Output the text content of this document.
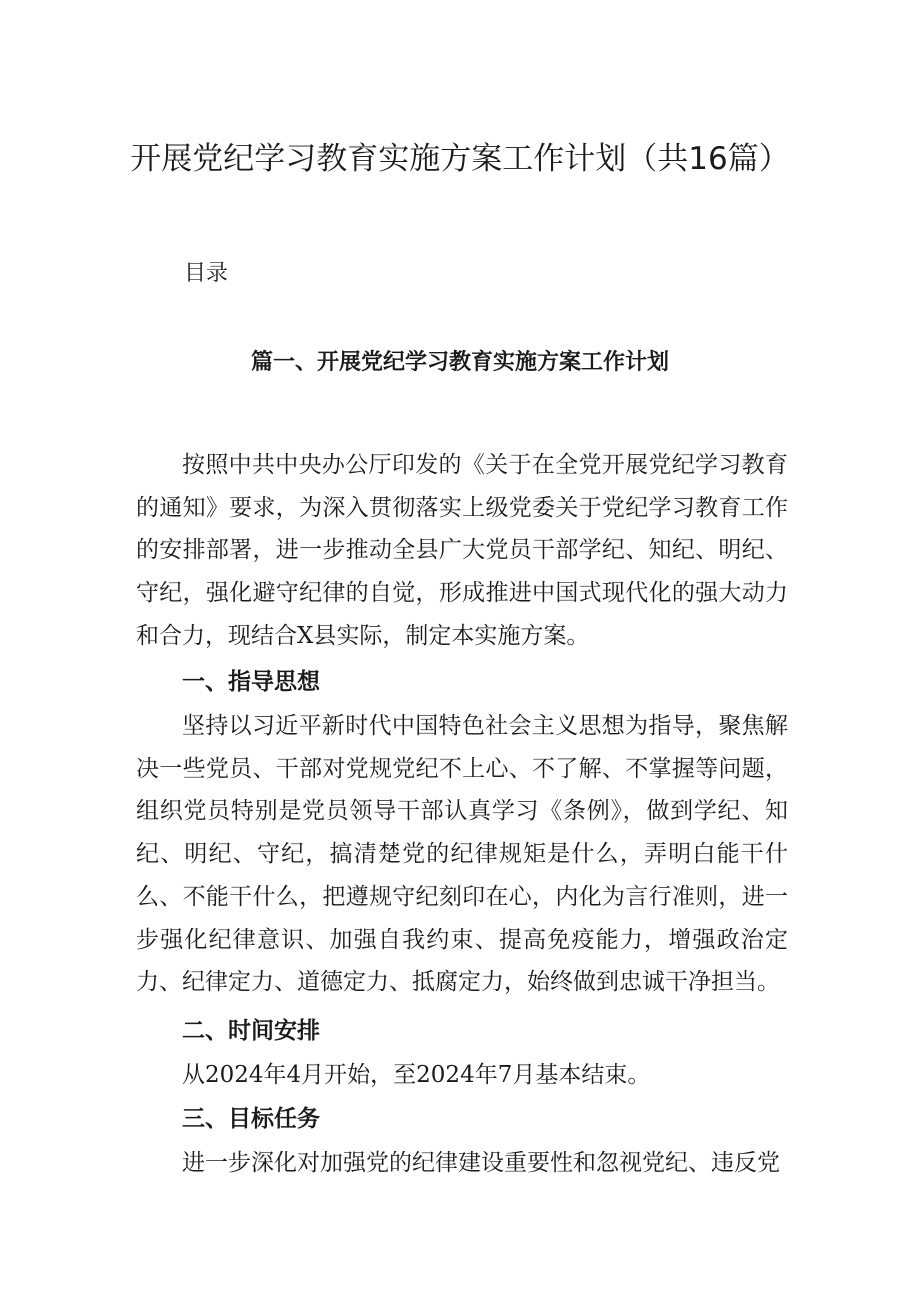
开展党纪学习教育实施方案工作计划（共16篇）

目录

篇一、开展党纪学习教育实施方案工作计划

按照中共中央办公厅印发的《关于在全党开展党纪学习教育的通知》要求，为深入贯彻落实上级党委关于党纪学习教育工作的安排部署，进一步推动全县广大党员干部学纪、知纪、明纪、守纪，强化避守纪律的自觉，形成推进中国式现代化的强大动力和合力，现结合X县实际，制定本实施方案。

一、指导思想

坚持以习近平新时代中国特色社会主义思想为指导，聚焦解决一些党员、干部对党规党纪不上心、不了解、不掌握等问题，组织党员特别是党员领导干部认真学习《条例》，做到学纪、知纪、明纪、守纪，搞清楚党的纪律规矩是什么，弄明白能干什么、不能干什么，把遵规守纪刻印在心，内化为言行准则，进一步强化纪律意识、加强自我约束、提高免疫能力，增强政治定力、纪律定力、道德定力、抵腐定力，始终做到忠诚干净担当。

二、时间安排

从2024年4月开始，至2024年7月基本结束。

三、目标任务

进一步深化对加强党的纪律建设重要性和忽视党纪、违反党
